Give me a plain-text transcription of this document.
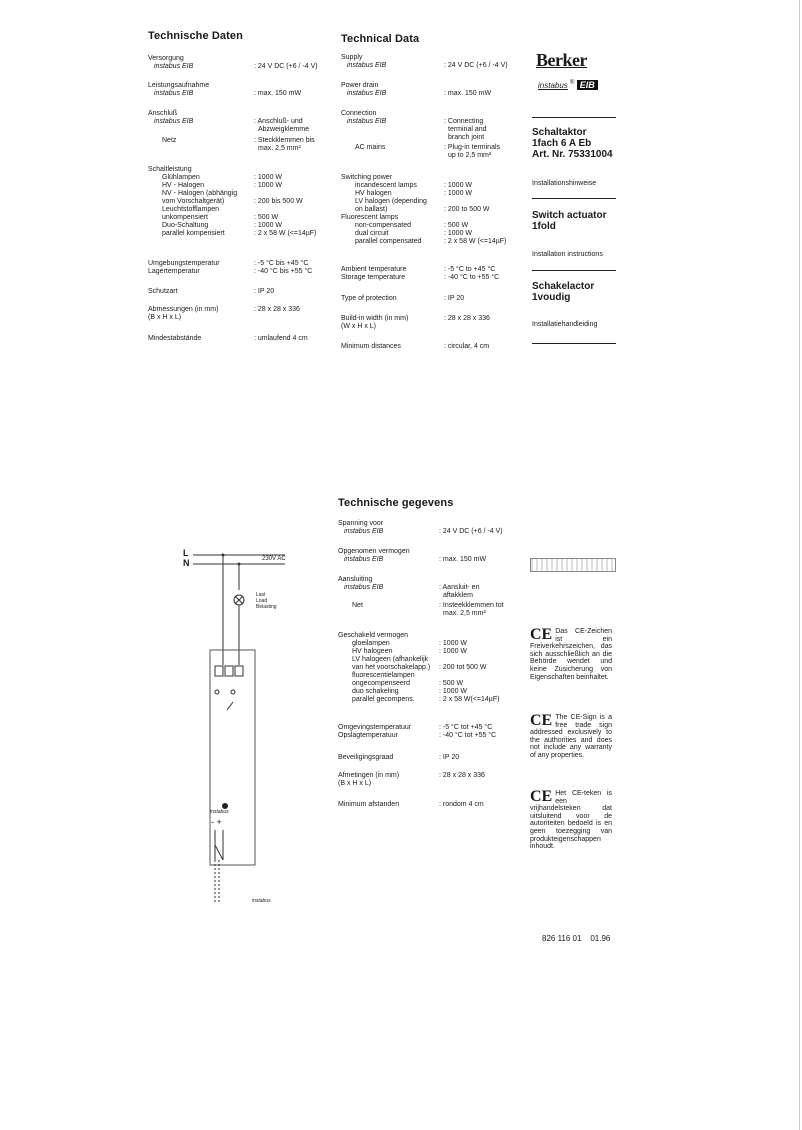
Technische Daten
Versorgung
instabus EIB	: 24 V DC (+6 / -4 V)
Leistungsaufnahme
instabus EIB	: max. 150 mW
Anschluß
instabus EIB	: Anschluß- und
Abzweigklemme
Netz	: Steckklemmen bis
max. 2,5 mm²
Schaltleistung
Glühlampen	: 1000 W
HV - Halogen	: 1000 W
NV - Halogen (abhängig
vom Vorschaltgerät)	: 200 bis 500 W
Leuchtstofflampen
unkompensiert	: 500 W
Duo-Schaltung	: 1000 W
parallel kompensiert	: 2 x 58 W (<=14µF)
Umgebungstemperatur	: -5 °C bis +45 °C
Lagertemperatur	: -40 °C bis +55 °C
Schutzart	: IP 20
Abmessungen (in mm)	: 28 x 28 x 336
(B x H x L)
Mindestabstände	: umlaufend 4 cm
Technical Data
Supply
instabus EIB	: 24 V DC (+6 / -4 V)
Power drain
instabus EIB	: max. 150 mW
Connection
instabus EIB	: Connecting
terminal and
branch joint
AC mains	: Plug-in terminals
up to 2,5 mm²
Switching power
incandescent lamps	: 1000 W
HV halogen	: 1000 W
LV halogen (depending
on ballast)	: 200 to 500 W
Fluorescent lamps
non-compensated	: 500 W
dual circuit	: 1000 W
parallel compensated	: 2 x 58 W (<=14µF)
Ambient temperature	: -5 °C to +45 °C
Storage temperature	: -40 °C to +55 °C
Type of protection	: IP 20
Build-in width (in mm)	: 28 x 28 x 336
(W x H x L)
Minimum distances	: circular, 4 cm
Technische gegevens
Spanning voor
instabus EIB	: 24 V DC (+6 / -4 V)
Opgenomen vermogen
instabus EIB	: max. 150 mW
Aansluiting
instabus EIB	: Aansluit- en
aftakklem
Net	: Insteekklemmen tot
max. 2,5 mm²
Geschakeld vermogen
gloeilampen	: 1000 W
HV halogeen	: 1000 W
LV halogeen (afhankelijk
van het voorschakelapp.) : 200 tot 500 W
fluorescentielampen
ongecompenseerd	: 500 W
duo schakeling	: 1000 W
parallel gecompens.	: 2 x 58 W(<=14µF)
Omgevingstemperatuur	: -5 °C tot +45 °C
Opslagtemperatuur	: -40 °C tot +55 °C
Beveiligingsgraad	: IP 20
Afmetingen (in mm)	: 28 x 28 x 336
(B x H x L)
Minimum afstanden	: rondom 4 cm
Berker
instabus ® EIB
Schaltaktor
1fach 6 A Eb
Art. Nr. 75331004
Installationshinweise
Switch actuator
1fold
Installation instructions
Schakelactor
1voudig
Installatiehandleiding
CE Das CE-Zeichen ist ein Freiverkehrszeichen, das sich ausschließlich an die Behörde wendet und keine Zusicherung von Eigenschaften beinhaltet.
CE The CE-Sign is a free trade sign addressed exclusively to the authorities and does not include any warranty of any properties.
CE Het CE-teken is een vrijhandelsteken dat uitsluitend voor de autoriteiten bedoeld is en geen toezegging van produkteigenschappen inhoudt.
L
N	230V AC
Last
Load
Belasting
instabus
- +
instabus
826 116 01    01.96
